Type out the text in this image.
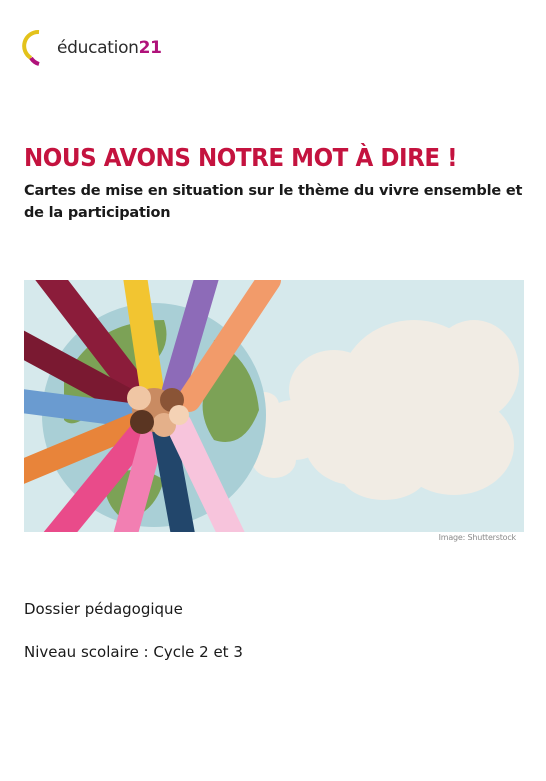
éducation21
NOUS AVONS NOTRE MOT À DIRE !

Cartes de mise en situation sur le thème du vivre ensemble et de la participation

Image: Shutterstock
Dossier pédagogique
Niveau scolaire : Cycle 2 et 3
